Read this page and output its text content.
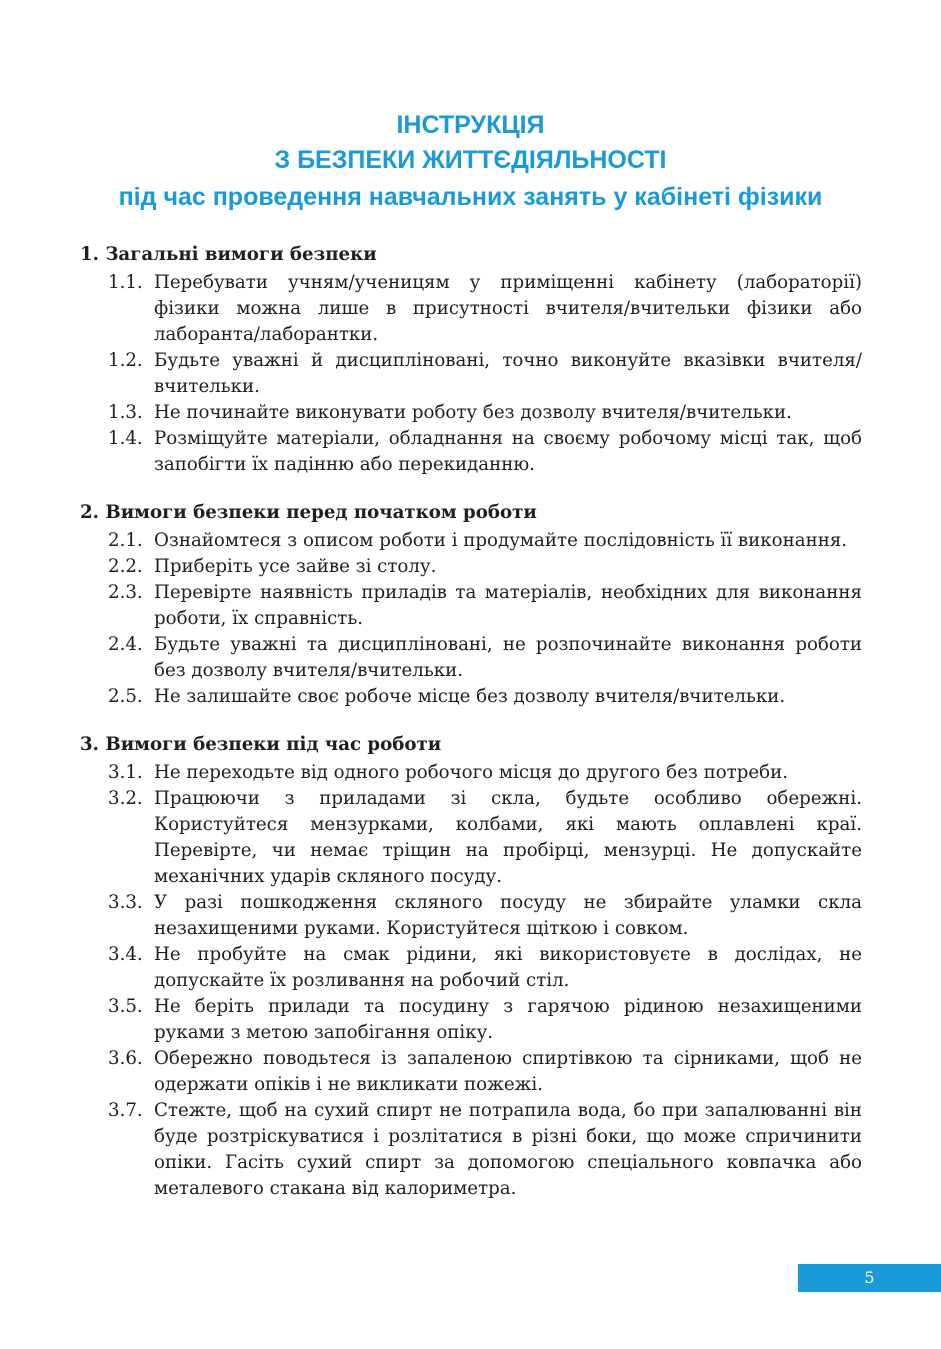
ІНСТРУКЦІЯ
З БЕЗПЕКИ ЖИТТЄДІЯЛЬНОСТІ
під час проведення навчальних занять у кабінеті фізики
1. Загальні вимоги безпеки
1.1. Перебувати учням/ученицям у приміщенні кабінету (лабораторії) фізики можна лише в присутності вчителя/вчительки фізики або лаборанта/лаборантки.
1.2. Будьте уважні й дисципліновані, точно виконуйте вказівки вчителя/вчительки.
1.3. Не починайте виконувати роботу без дозволу вчителя/вчительки.
1.4. Розміщуйте матеріали, обладнання на своєму робочому місці так, щоб запобігти їх падінню або перекиданню.
2. Вимоги безпеки перед початком роботи
2.1. Ознайомтеся з описом роботи і продумайте послідовність її виконання.
2.2. Приберіть усе зайве зі столу.
2.3. Перевірте наявність приладів та матеріалів, необхідних для виконання роботи, їх справність.
2.4. Будьте уважні та дисципліновані, не розпочинайте виконання роботи без дозволу вчителя/вчительки.
2.5. Не залишайте своє робоче місце без дозволу вчителя/вчительки.
3. Вимоги безпеки під час роботи
3.1. Не переходьте від одного робочого місця до другого без потреби.
3.2. Працюючи з приладами зі скла, будьте особливо обережні. Користуйтеся мензурками, колбами, які мають оплавлені краї. Перевірте, чи немає тріщин на пробірці, мензурці. Не допускайте механічних ударів скляного посуду.
3.3. У разі пошкодження скляного посуду не збирайте уламки скла незахищеними руками. Користуйтеся щіткою і совком.
3.4. Не пробуйте на смак рідини, які використовуєте в дослідах, не допускайте їх розливання на робочий стіл.
3.5. Не беріть прилади та посудину з гарячою рідиною незахищеними руками з метою запобігання опіку.
3.6. Обережно поводьтеся із запаленою спиртівкою та сірниками, щоб не одержати опіків і не викликати пожежі.
3.7. Стежте, щоб на сухий спирт не потрапила вода, бо при запалюванні він буде розтріскуватися і розлітатися в різні боки, що може спричинити опіки. Гасіть сухий спирт за допомогою спеціального ковпачка або металевого стакана від калориметра.
5
